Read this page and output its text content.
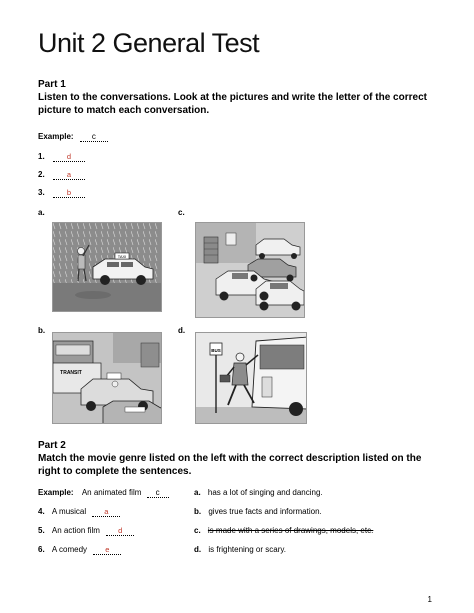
Unit 2 General Test
Part 1
Listen to the conversations. Look at the pictures and write the letter of the correct picture to match each conversation.
Example: c
1.	d
2.	a
3.	b
a.	c.
b.	d.
TAXI
TRANSIT
BUS
Part 2
Match the movie genre listed on the left with the correct description listed on the right to complete the sentences.
Example: An animated film c
4. A musical a
5. An action film d
6. A comedy e
a. has a lot of singing and dancing.
b. gives true facts and information.
c. is made with a series of drawings, models, etc.
d. is frightening or scary.
1
